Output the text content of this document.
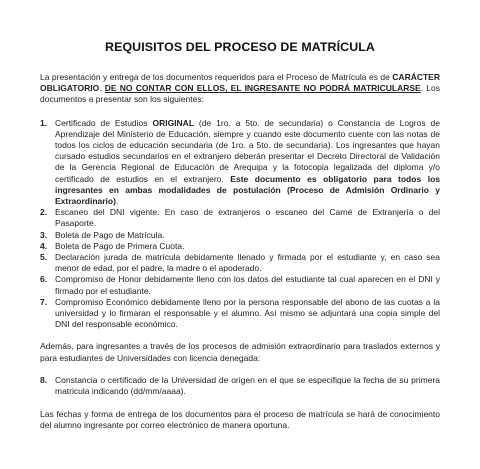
REQUISITOS DEL PROCESO DE MATRÍCULA

La presentación y entrega de los documentos requeridos para el Proceso de Matrícula es de CARÁCTER OBLIGATORIO. DE NO CONTAR CON ELLOS, EL INGRESANTE NO PODRÁ MATRICULARSE. Los documentos a presentar son los siguientes:

1. Certificado de Estudios ORIGINAL (de 1ro. a 5to. de secundaria) o Constancia de Logros de Aprendizaje del Ministerio de Educación, siempre y cuando este documento cuente con las notas de todos los ciclos de educación secundaria (de 1ro. a 5to. de secundaria). Los ingresantes que hayan cursado estudios secundarios en el extranjero deberán presentar el Decreto Directoral de Validación de la Gerencia Regional de Educación de Arequipa y la fotocopia legalizada del diploma y/o certificado de estudios en el extranjero. Este documento es obligatorio para todos los ingresantes en ambas modalidades de postulación (Proceso de Admisión Ordinario y Extraordinario).
2. Escaneo del DNI vigente. En caso de extranjeros o escaneo del Carné de Extranjería o del Pasaporte.
3. Boleta de Pago de Matrícula.
4. Boleta de Pago de Primera Cuota.
5. Declaración jurada de matrícula debidamente llenado y firmada por el estudiante y, en caso sea menor de edad, por el padre, la madre o el apoderado.
6. Compromiso de Honor debidamente lleno con los datos del estudiante tal cual aparecen en el DNI y firmado por el estudiante.
7. Compromiso Económico debidamente lleno por la persona responsable del abono de las cuotas a la universidad y lo firmaran el responsable y el alumno. Así mismo se adjuntará una copia simple del DNI del responsable económico.

Además, para ingresantes a través de los procesos de admisión extraordinario para traslados externos y para estudiantes de Universidades con licencia denegada:

8. Constancia o certificado de la Universidad de origen en el que se especifique la fecha de su primera matricula indicando (dd/mm/aaaa).

Las fechas y forma de entrega de los documentos para el proceso de matrícula se hará de conocimiento del alumno ingresante por correo electrónico de manera oportuna.
